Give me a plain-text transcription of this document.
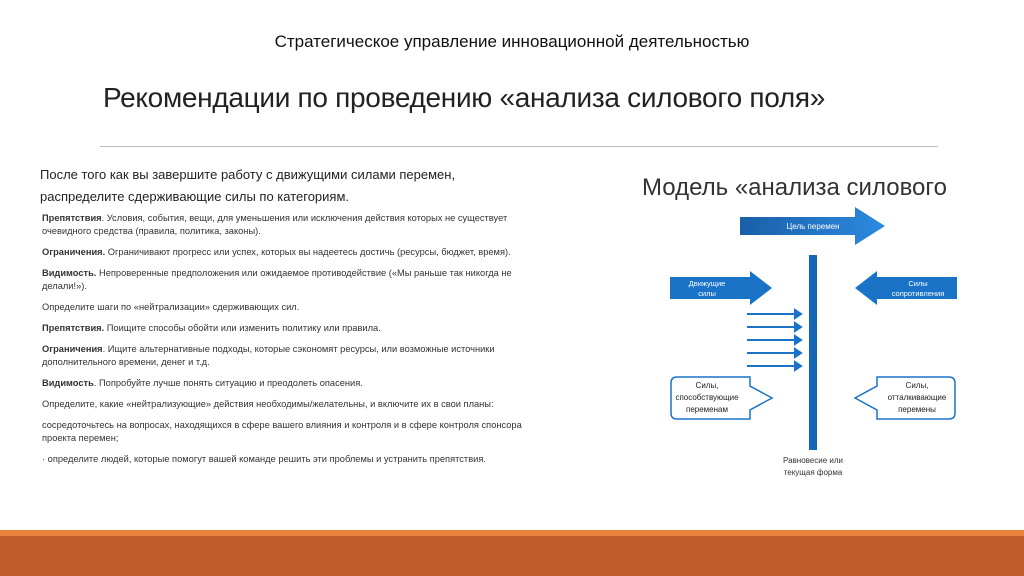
Стратегическое управление инновационной деятельностью
Рекомендации по проведению «анализа силового поля»
После того как вы завершите работу с движущими силами перемен,
распределите сдерживающие силы по категориям.
Препятствия. Условия, события, вещи, для уменьшения или исключения действия которых не существует очевидного средства (правила, политика, законы).
Ограничения. Ограничивают прогресс или успех, которых вы надеетесь достичь (ресурсы, бюджет, время).
Видимость. Непроверенные предположения или ожидаемое противодействие («Мы раньше так никогда не делали!»).
Определите шаги по «нейтрализации» сдерживающих сил.
Препятствия. Поищите способы обойти или изменить политику или правила.
Ограничения. Ищите альтернативные подходы, которые сэкономят ресурсы, или возможные источники дополнительного времени, денег и т.д.
Видимость. Попробуйте лучше понять ситуацию и преодолеть опасения.
Определите, какие «нейтрализующие» действия необходимы/желательны, и включите их в свои планы:
сосредоточьтесь на вопросах, находящихся в сфере вашего влияния и контроля и в сфере контроля спонсора проекта перемен;
· определите людей, которые помогут вашей команде решить эти проблемы и устранить препятствия.
Модель «анализа силового
Цель перемен
Движущие
силы
Силы
сопротивления
Силы,
способствующие
переменам
Силы,
отталкивающие
перемены
Равновесие или
текущая форма
